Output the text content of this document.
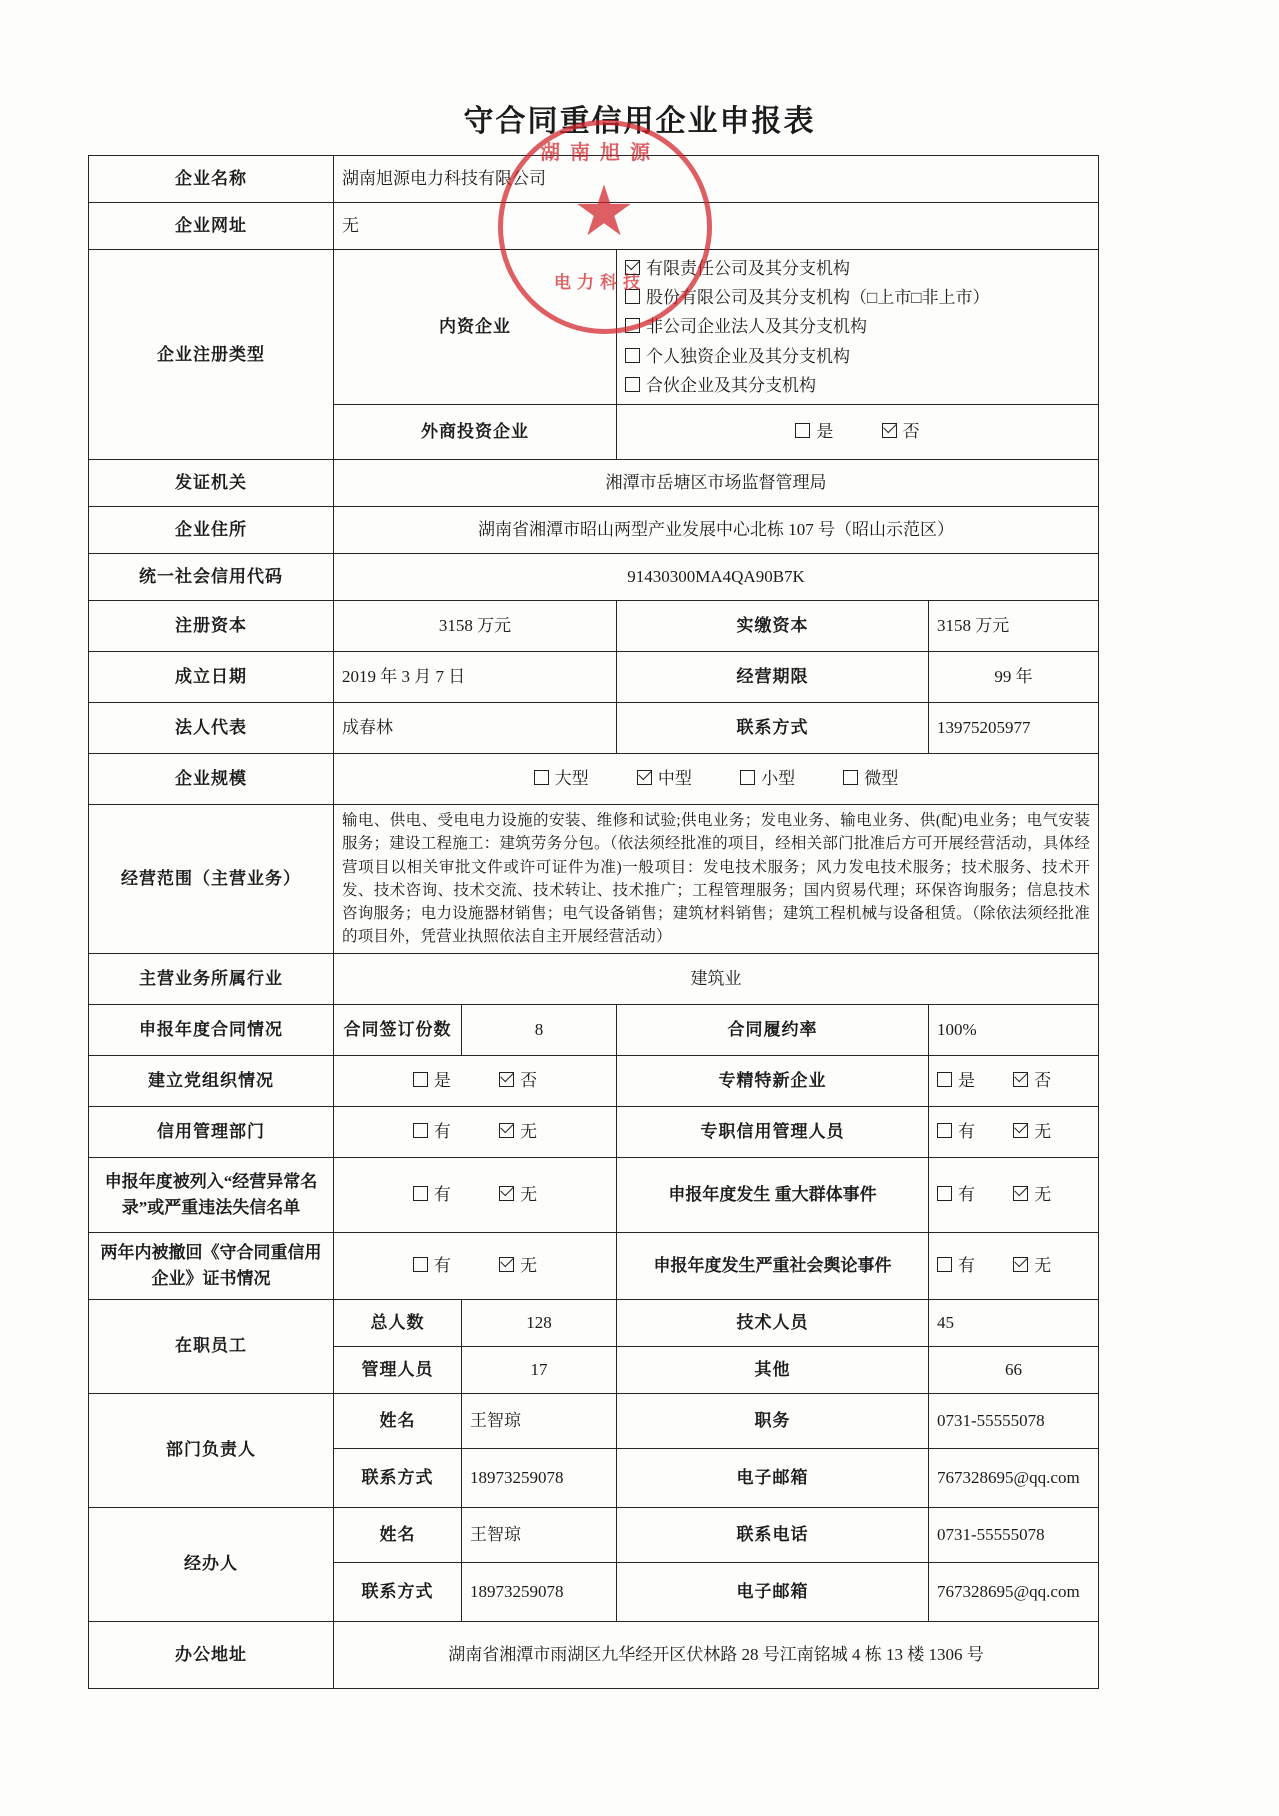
守合同重信用企业申报表
企业名称	湖南旭源电力科技有限公司			
企业网址	无			
企业注册类型	内资企业		有限责任公司及其分支机构
股份有限公司及其分支机构（□上市□非上市）
非公司企业法人及其分支机构
个人独资企业及其分支机构
合伙企业及其分支机构	

	外商投资企业		是 否	
发证机关	湘潭市岳塘区市场监督管理局			
企业住所	湖南省湘潭市昭山两型产业发展中心北栋 107 号（昭山示范区）			
统一社会信用代码	91430300MA4QA90B7K			
注册资本	3158 万元		实缴资本	3158 万元
成立日期	2019 年 3 月 7 日		经营期限	99 年
法人代表	成春林		联系方式	13975205977
企业规模	大型 中型 小型 微型			
经营范围（主营业务）	输电、供电、受电电力设施的安装、维修和试验;供电业务；发电业务、输电业务、供(配)电业务；电气安装服务；建设工程施工：建筑劳务分包。（依法须经批准的项目，经相关部门批准后方可开展经营活动，具体经营项目以相关审批文件或许可证件为准)一般项目：发电技术服务；风力发电技术服务；技术服务、技术开发、技术咨询、技术交流、技术转让、技术推广；工程管理服务；国内贸易代理；环保咨询服务；信息技术咨询服务；电力设施器材销售；电气设备销售；建筑材料销售；建筑工程机械与设备租赁。（除依法须经批准的项目外，凭营业执照依法自主开展经营活动）			
主营业务所属行业	建筑业			
申报年度合同情况	合同签订份数	8	合同履约率	100%
建立党组织情况	是 否		专精特新企业	是 否
信用管理部门	有 无		专职信用管理人员	有 无
申报年度被列入“经营异常名录”或严重违法失信名单	有 无		申报年度发生 重大群体事件	有 无
两年内被撤回《守合同重信用企业》证书情况	有 无		申报年度发生严重社会舆论事件	有 无
在职员工	总人数	128	技术人员	45
	管理人员	17	其他	66
部门负责人	姓名	王智琼	职务	0731-55555078
	联系方式	18973259078	电子邮箱	767328695@qq.com
经办人	姓名	王智琼	联系电话	0731-55555078
	联系方式	18973259078	电子邮箱	767328695@qq.com
办公地址	湖南省湘潭市雨湖区九华经开区伏林路 28 号江南铭城 4 栋 13 楼 1306 号			
湖南旭源
★
电力科技
